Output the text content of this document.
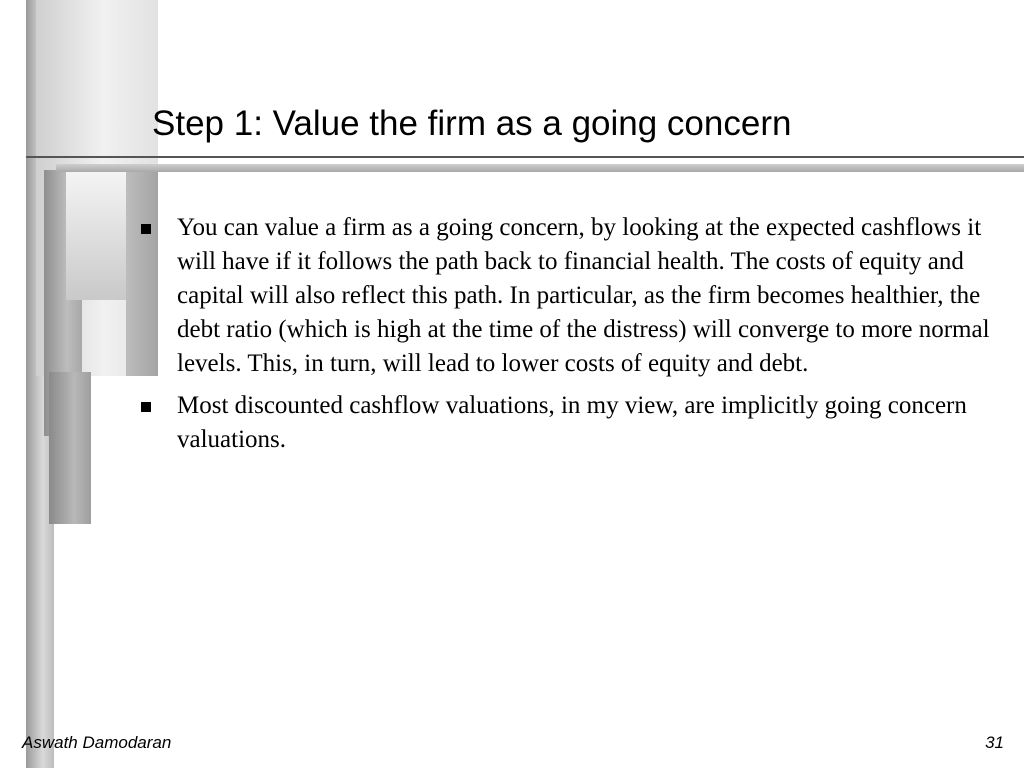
Step 1: Value the firm as a going concern
You can value a firm as a going concern, by looking at the expected cashflows it will have if it follows the path back to financial health. The costs of equity and capital will also reflect this path. In particular, as the firm becomes healthier, the debt ratio (which is high at the time of the distress) will converge to more normal levels. This, in turn, will lead to lower costs of equity and debt.
Most discounted cashflow valuations, in my view, are implicitly going concern valuations.
Aswath Damodaran	31
